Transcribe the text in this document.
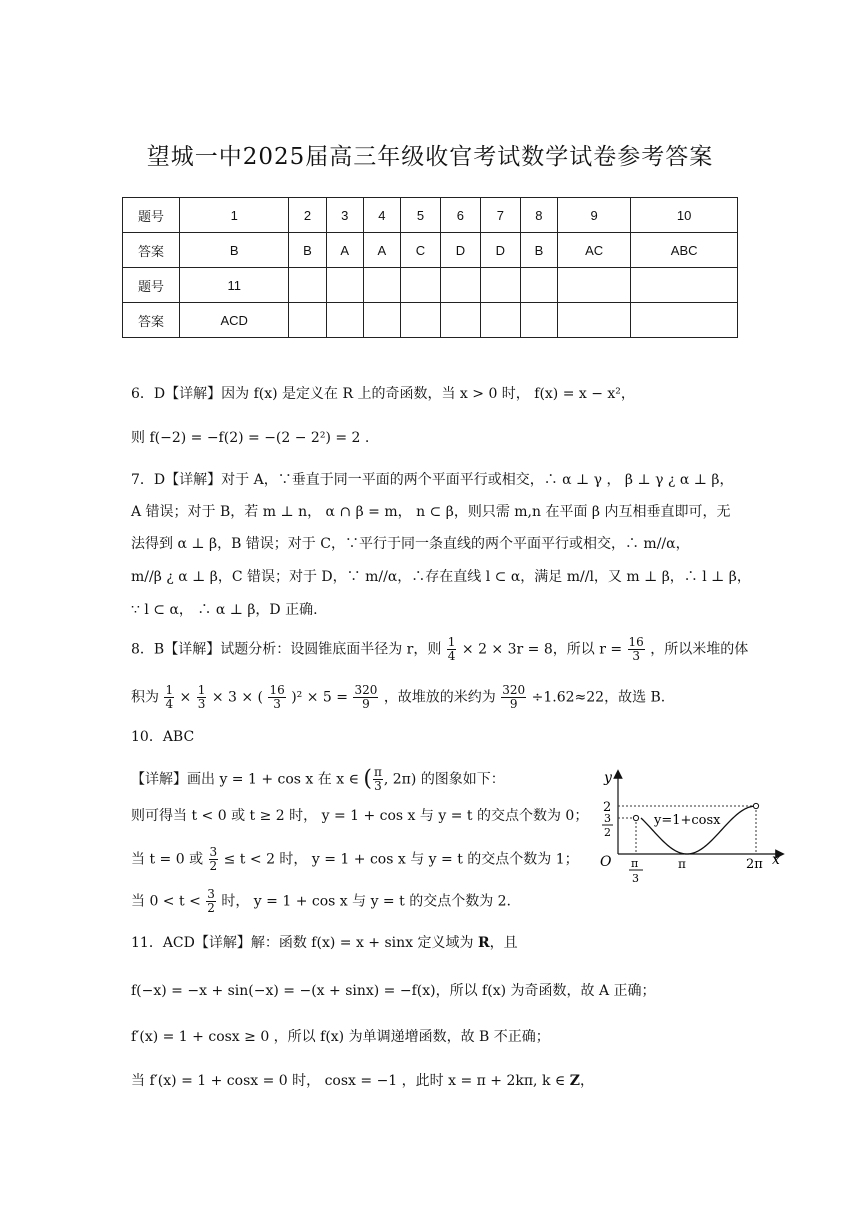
望城一中2025届高三年级收官考试数学试卷参考答案
题号	1	2	3	4	5	6	7	8	9	10
答案	B	B	A	A	C	D	D	B	AC	ABC
题号	11									
答案	ACD									
6．D【详解】因为 f(x) 是定义在 R 上的奇函数，当 x > 0 时， f(x) = x − x²，
则 f(−2) = −f(2) = −(2 − 2²) = 2 .
7．D【详解】对于 A，∵垂直于同一平面的两个平面平行或相交，∴ α ⊥ γ ， β ⊥ γ ¿ α ⊥ β，
A 错误；对于 B，若 m ⊥ n， α ∩ β = m， n ⊂ β，则只需 m,n 在平面 β 内互相垂直即可，无
法得到 α ⊥ β，B 错误；对于 C，∵平行于同一条直线的两个平面平行或相交，∴ m//α，
m//β ¿ α ⊥ β，C 错误；对于 D，∵ m//α，∴存在直线 l ⊂ α，满足 m//l，又 m ⊥ β，∴ l ⊥ β，
∵ l ⊂ α， ∴ α ⊥ β，D 正确.
8．B【详解】试题分析：设圆锥底面半径为 r，则 $\frac{1}{4} \times 2 \times 3r = 8$，所以 $r = \frac{16}{3}$ ，所以米堆的体
积为 $\frac{1}{4} \times \frac{1}{3} \times 3$ × ( $\frac{16}{3} )^2 \times 5 = \frac{320}{9}$ ，故堆放的米约为 $\frac{320}{9} \div 1.62\approx 22$，故选 B.
10．ABC
【详解】画出 y = 1 + cos x 在 x ∈ ( $\frac{\pi}{3}$ , 2π) 的图象如下：
则可得当 t < 0 或 t ≥ 2 时， y = 1 + cos x 与 y = t 的交点个数为 0；
当 t = 0 或 $\frac{3}{2} \le t < 2$ 时， y = 1 + cos x 与 y = t 的交点个数为 1；
当 $0 < t < \frac{3}{2}$ 时， y = 1 + cos x 与 y = t 的交点个数为 2.
y
x
O
2
3
2
π
3
π	2π
y=1+cosx
11．ACD【详解】解：函数 f(x) = x + sinx 定义域为 R，且
f(−x) = −x + sin(−x) = −(x + sinx) = −f(x)，所以 f(x) 为奇函数，故 A 正确；
f′(x) = 1 + cosx ≥ 0 ，所以 f(x) 为单调递增函数，故 B 不正确；
当 f′(x) = 1 + cosx = 0 时， cosx = −1 ，此时 x = π + 2kπ, k ∈ Z，
